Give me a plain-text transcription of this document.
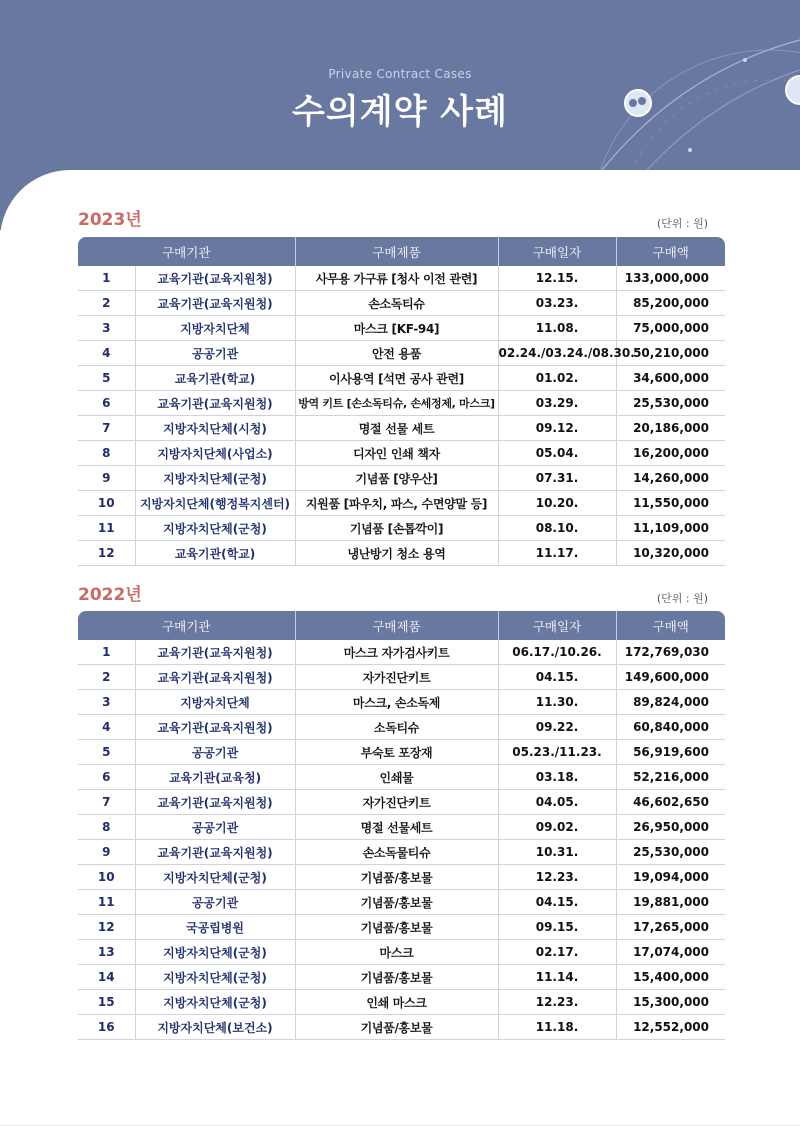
Private Contract Cases
수의계약 사례
2023년	(단위 : 원)
구매기관		구매제품	구매일자	구매액
1	교육기관(교육지원청)	사무용 가구류 [청사 이전 관련]	12.15.	133,000,000
2	교육기관(교육지원청)	손소독티슈	03.23.	85,200,000
3	지방자치단체	마스크 [KF-94]	11.08.	75,000,000
4	공공기관	안전 용품	02.24./03.24./08.30.	50,210,000
5	교육기관(학교)	이사용역 [석면 공사 관련]	01.02.	34,600,000
6	교육기관(교육지원청)	방역 키트 [손소독티슈, 손세정제, 마스크]	03.29.	25,530,000
7	지방자치단체(시청)	명절 선물 세트	09.12.	20,186,000
8	지방자치단체(사업소)	디자인 인쇄 책자	05.04.	16,200,000
9	지방자치단체(군청)	기념품 [양우산]	07.31.	14,260,000
10	지방자치단체(행정복지센터)	지원품 [파우치, 파스, 수면양말 등]	10.20.	11,550,000
11	지방자치단체(군청)	기념품 [손톱깍이]	08.10.	11,109,000
12	교육기관(학교)	냉난방기 청소 용역	11.17.	10,320,000
2022년	(단위 : 원)
구매기관		구매제품	구매일자	구매액
1	교육기관(교육지원청)	마스크 자가검사키트	06.17./10.26.	172,769,030
2	교육기관(교육지원청)	자가진단키트	04.15.	149,600,000
3	지방자치단체	마스크, 손소독제	11.30.	89,824,000
4	교육기관(교육지원청)	소독티슈	09.22.	60,840,000
5	공공기관	부숙토 포장재	05.23./11.23.	56,919,600
6	교육기관(교육청)	인쇄물	03.18.	52,216,000
7	교육기관(교육지원청)	자가진단키트	04.05.	46,602,650
8	공공기관	명절 선물세트	09.02.	26,950,000
9	교육기관(교육지원청)	손소독물티슈	10.31.	25,530,000
10	지방자치단체(군청)	기념품/홍보물	12.23.	19,094,000
11	공공기관	기념품/홍보물	04.15.	19,881,000
12	국공립병원	기념품/홍보물	09.15.	17,265,000
13	지방자치단체(군청)	마스크	02.17.	17,074,000
14	지방자치단체(군청)	기념품/홍보물	11.14.	15,400,000
15	지방자치단체(군청)	인쇄 마스크	12.23.	15,300,000
16	지방자치단체(보건소)	기념품/홍보물	11.18.	12,552,000
